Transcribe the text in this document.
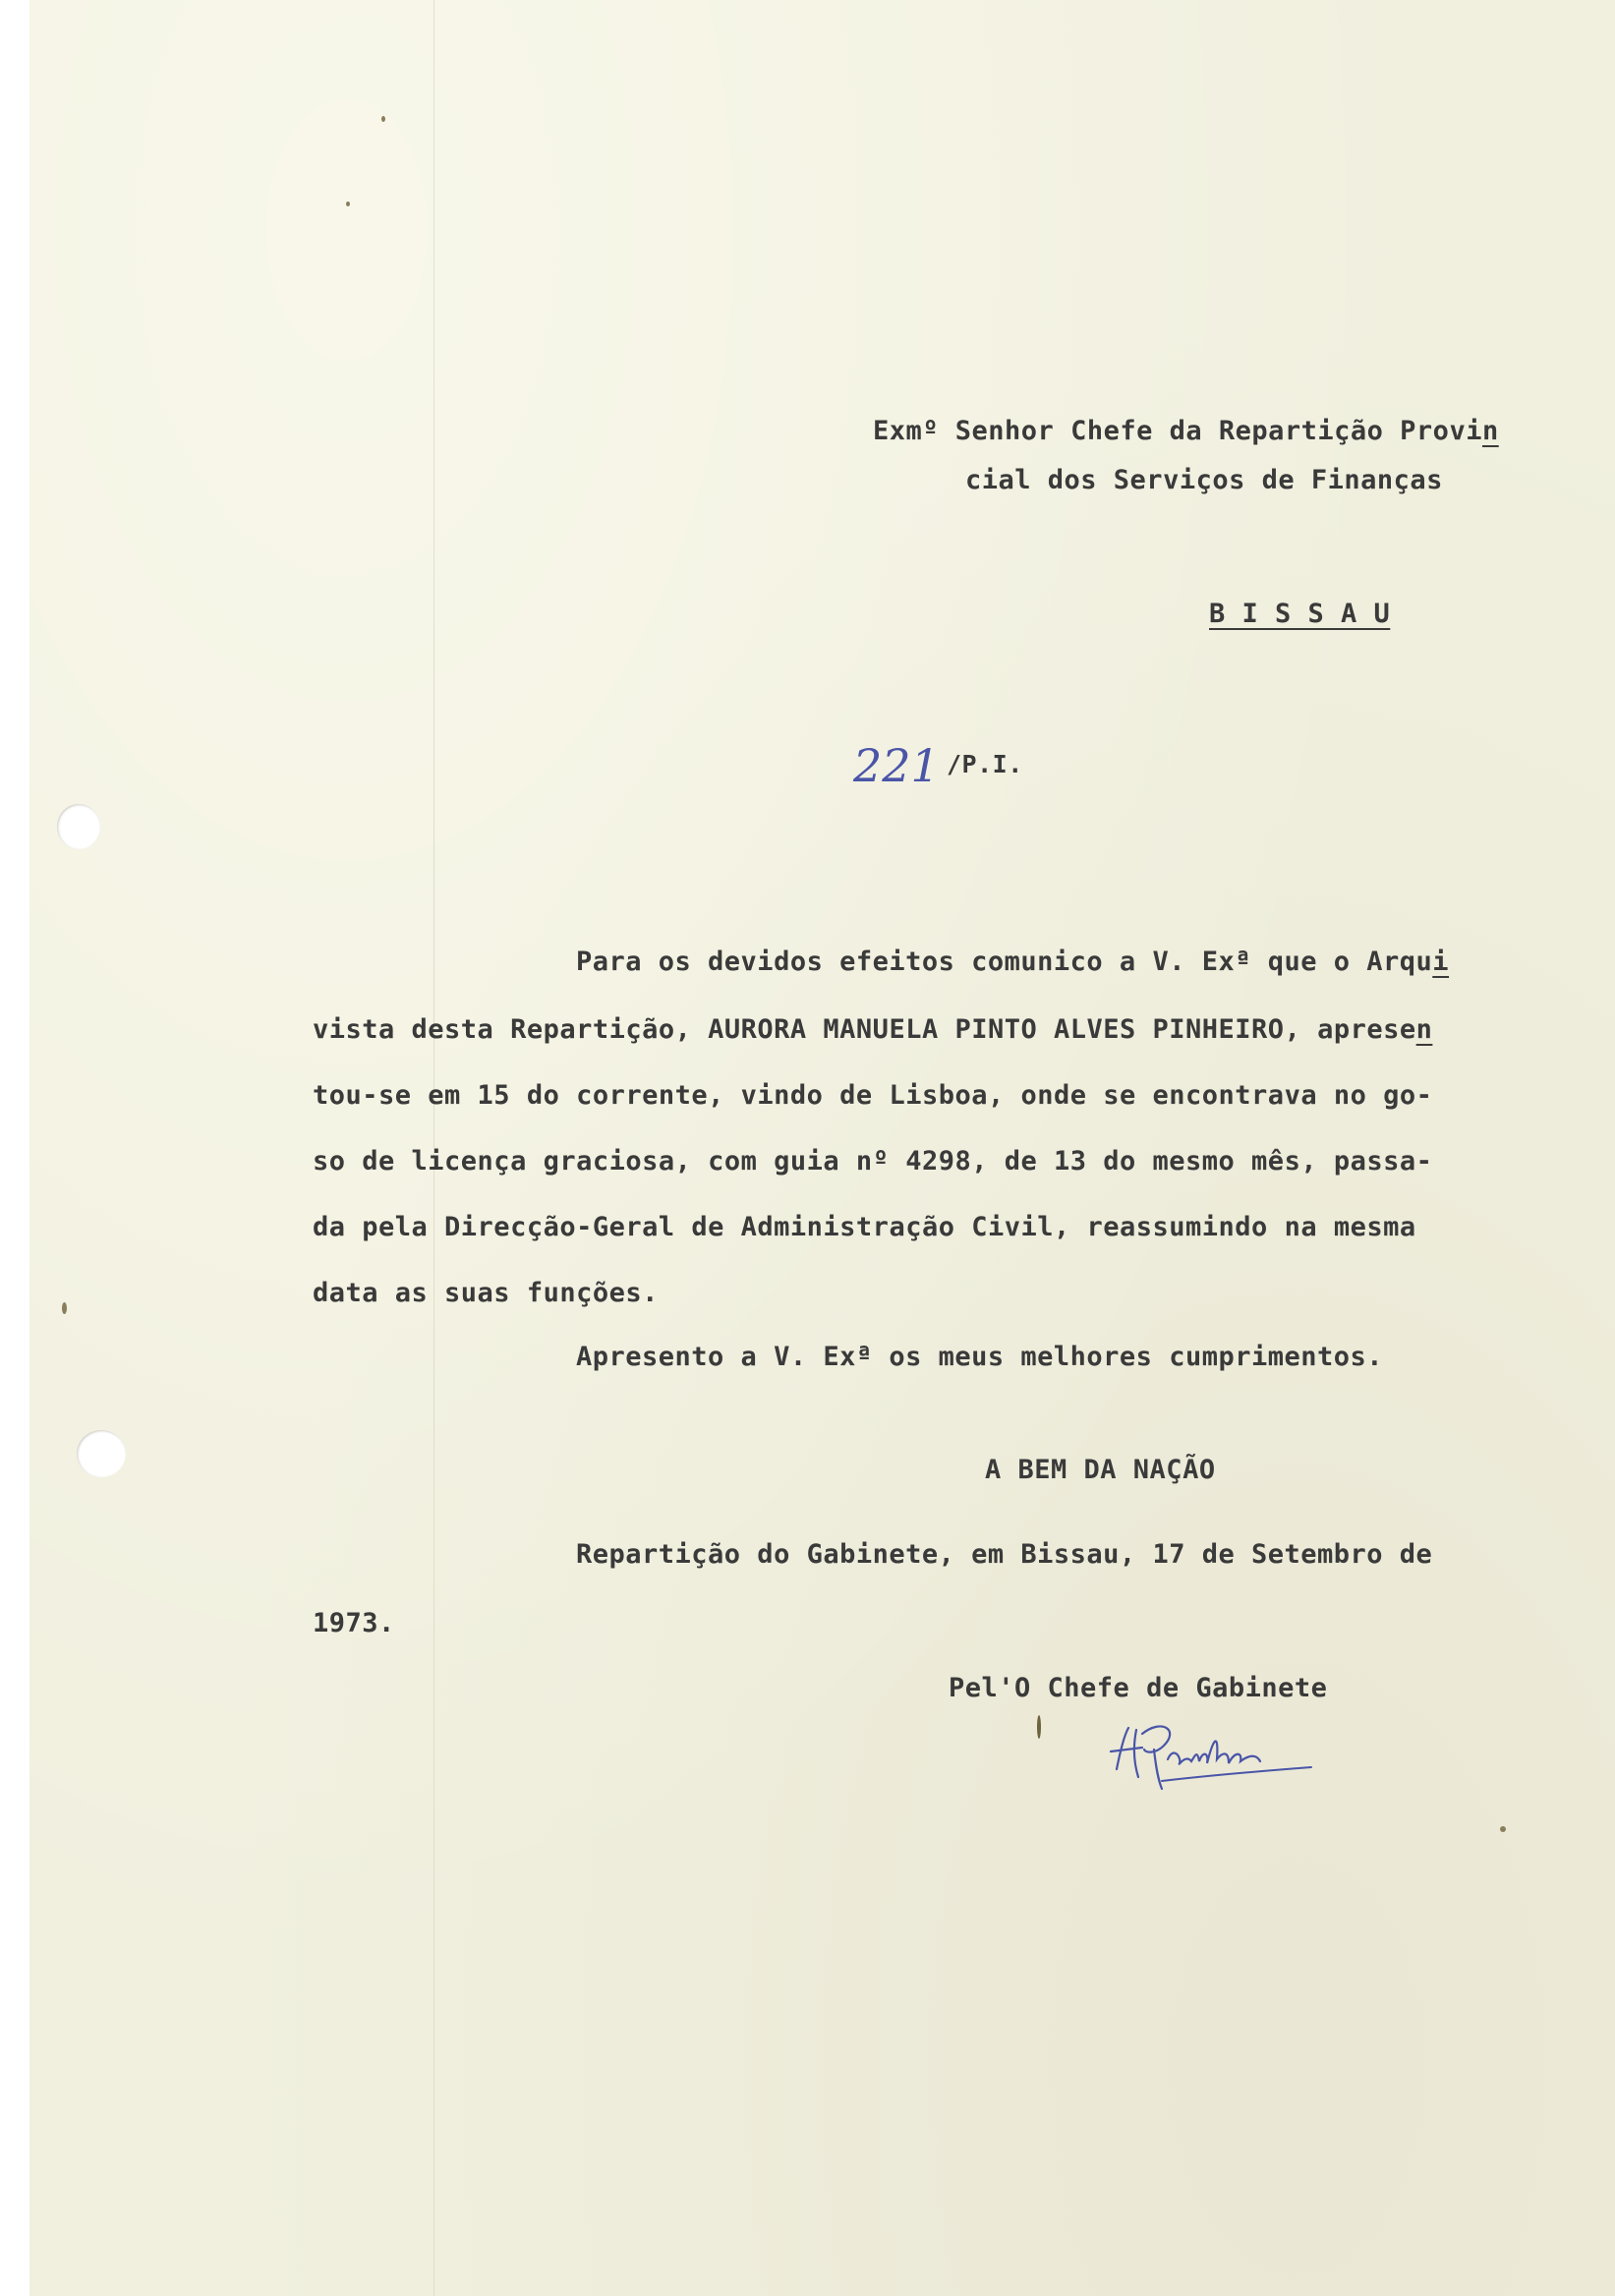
Exmº Senhor Chefe da Repartição Provin
cial dos Serviços de Finanças
B I S S A U
221 /P.I.
Para os devidos efeitos comunico a V. Exª que o Arqui
vista desta Repartição, AURORA MANUELA PINTO ALVES PINHEIRO, apresen
tou-se em 15 do corrente, vindo de Lisboa, onde se encontrava no go-
so de licença graciosa, com guia nº 4298, de 13 do mesmo mês, passa-
da pela Direcção-Geral de Administração Civil, reassumindo na mesma
data as suas funções.
Apresento a V. Exª os meus melhores cumprimentos.
A BEM DA NAÇÃO
Repartição do Gabinete, em Bissau, 17 de Setembro de
1973.
Pel'O Chefe de Gabinete
